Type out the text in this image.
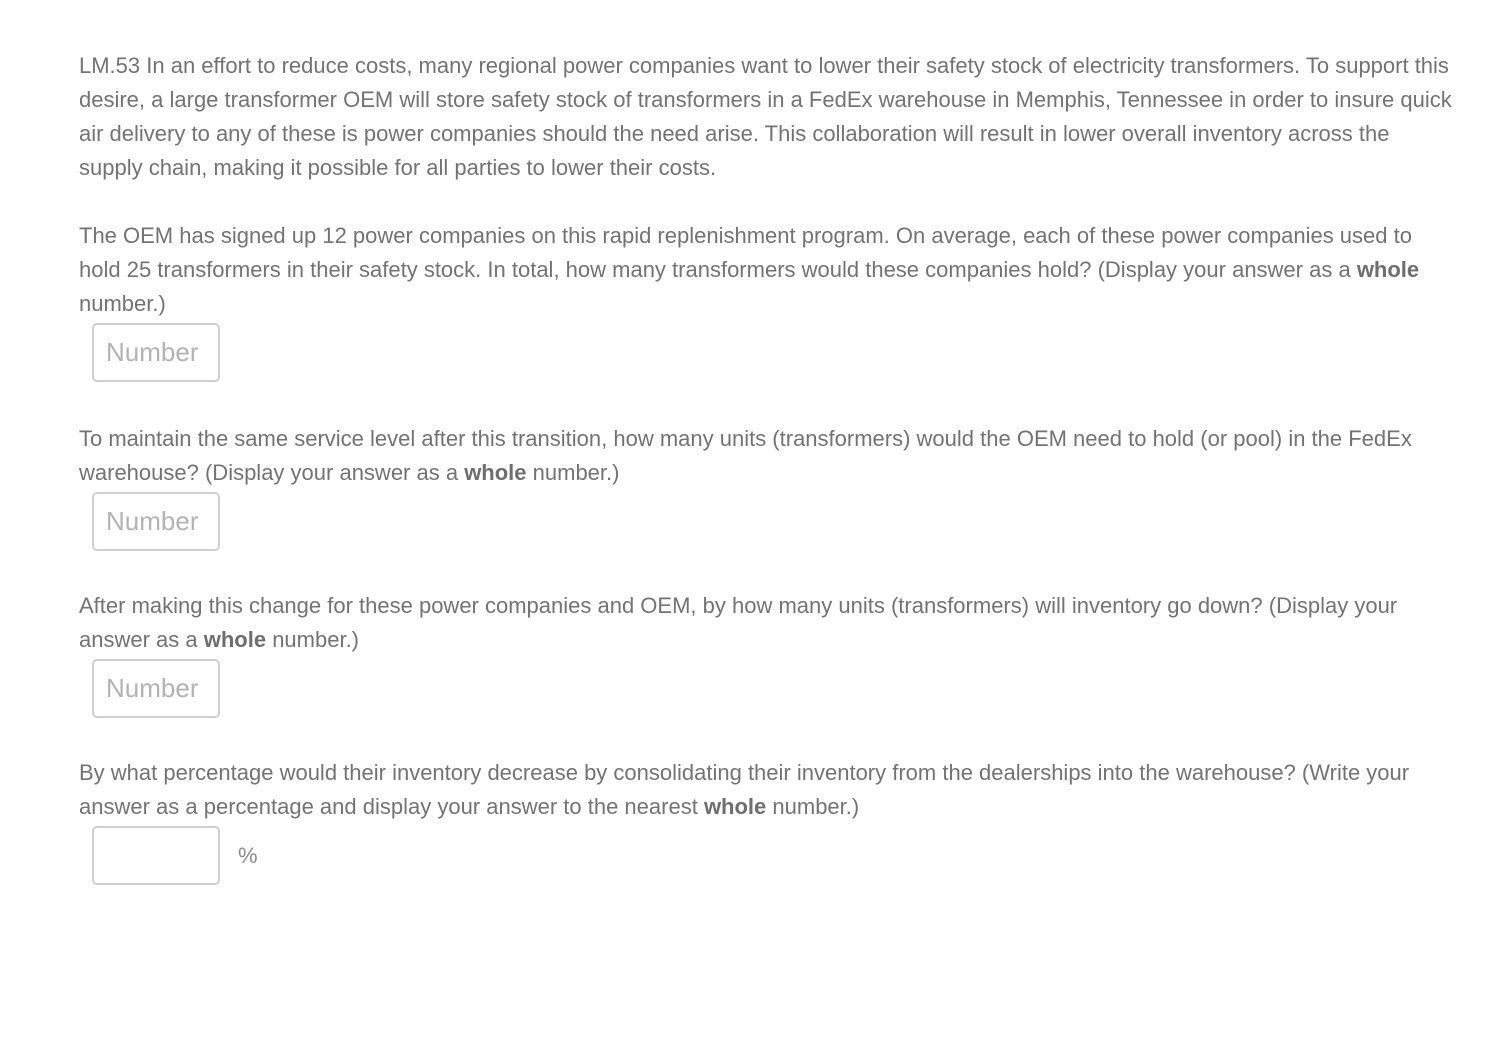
LM.53 In an effort to reduce costs, many regional power companies want to lower their safety stock of electricity transformers. To support this desire, a large transformer OEM will store safety stock of transformers in a FedEx warehouse in Memphis, Tennessee in order to insure quick air delivery to any of these is power companies should the need arise. This collaboration will result in lower overall inventory across the supply chain, making it possible for all parties to lower their costs.

The OEM has signed up 12 power companies on this rapid replenishment program. On average, each of these power companies used to hold 25 transformers in their safety stock. In total, how many transformers would these companies hold? (Display your answer as a whole number.)

Number

To maintain the same service level after this transition, how many units (transformers) would the OEM need to hold (or pool) in the FedEx warehouse? (Display your answer as a whole number.)

Number

After making this change for these power companies and OEM, by how many units (transformers) will inventory go down? (Display your answer as a whole number.)

Number

By what percentage would their inventory decrease by consolidating their inventory from the dealerships into the warehouse? (Write your answer as a percentage and display your answer to the nearest whole number.)

%
